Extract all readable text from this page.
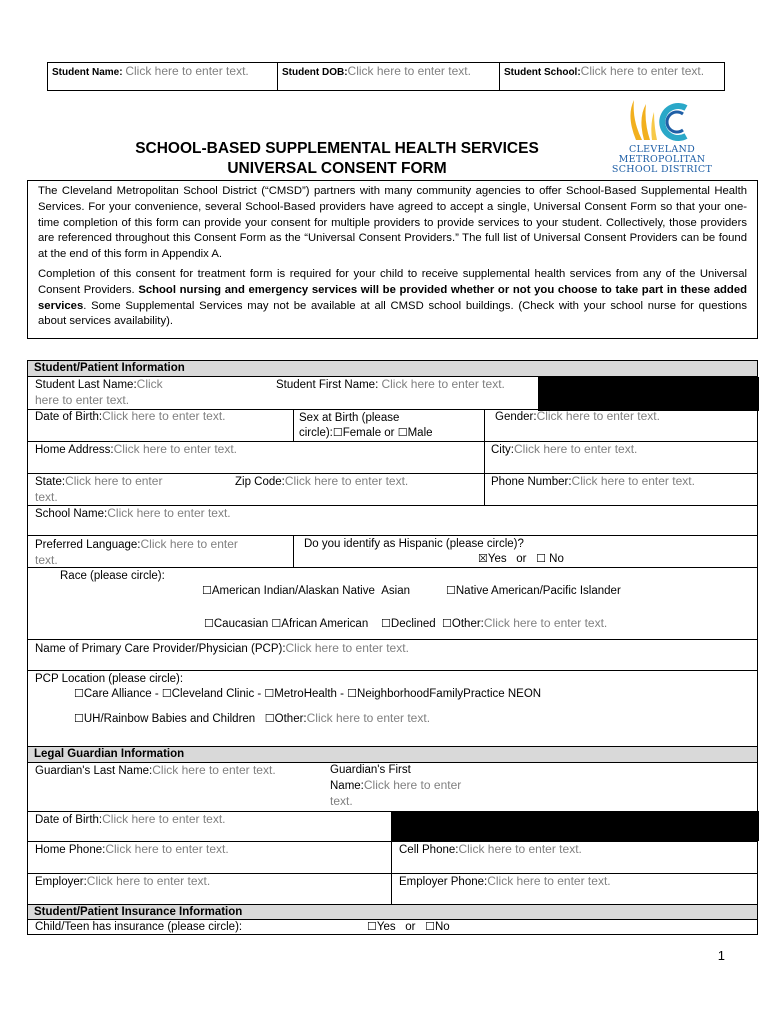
Student Name: Click here to enter text.	Student DOB:Click here to enter text.	Student School:Click here to enter text.
CLEVELAND
METROPOLITAN
SCHOOL DISTRICT
SCHOOL-BASED SUPPLEMENTAL HEALTH SERVICES
UNIVERSAL CONSENT FORM

The Cleveland Metropolitan School District (“CMSD”) partners with many community agencies to offer School-Based Supplemental Health Services. For your convenience, several School-Based providers have agreed to accept a single, Universal Consent Form so that your one-time completion of this form can provide your consent for multiple providers to provide services to your student. Collectively, those providers are referenced throughout this Consent Form as the “Universal Consent Providers.” The full list of Universal Consent Providers can be found at the end of this form in Appendix A.

Completion of this consent for treatment form is required for your child to receive supplemental health services from any of the Universal Consent Providers. School nursing and emergency services will be provided whether or not you choose to take part in these added services. Some Supplemental Services may not be available at all CMSD school buildings. (Check with your school nurse for questions about services availability).

Student/Patient Information
Student Last Name:Click
here to enter text.
Student First Name: Click here to enter text.
Date of Birth:Click here to enter text.	Sex at Birth (please
circle):☐Female or ☐Male
Gender:Click here to enter text.
Home Address:Click here to enter text.	City:Click here to enter text.
State:Click here to enter
text.
Zip Code:Click here to enter text.	Phone Number:Click here to enter text.
School Name:Click here to enter text.
Preferred Language:Click here to enter
text.
Do you identify as Hispanic (please circle)?
☒Yes or ☐ No
Race (please circle):
☐American Indian/Alaskan Native Asian	☐Native American/Pacific Islander
☐Caucasian ☐African American ☐Declined ☐Other:Click here to enter text.
Name of Primary Care Provider/Physician (PCP):Click here to enter text.
PCP Location (please circle):
☐Care Alliance - ☐Cleveland Clinic - ☐MetroHealth - ☐NeighborhoodFamilyPractice NEON
☐UH/Rainbow Babies and Children ☐Other:Click here to enter text.
Legal Guardian Information
Guardian's Last Name:Click here to enter text.	Guardian's First
Name:Click here to enter
text.
Date of Birth:Click here to enter text.
Home Phone:Click here to enter text.	Cell Phone:Click here to enter text.
Employer:Click here to enter text.	Employer Phone:Click here to enter text.
Student/Patient Insurance Information
Child/Teen has insurance (please circle):	☐Yes or ☐No
1
